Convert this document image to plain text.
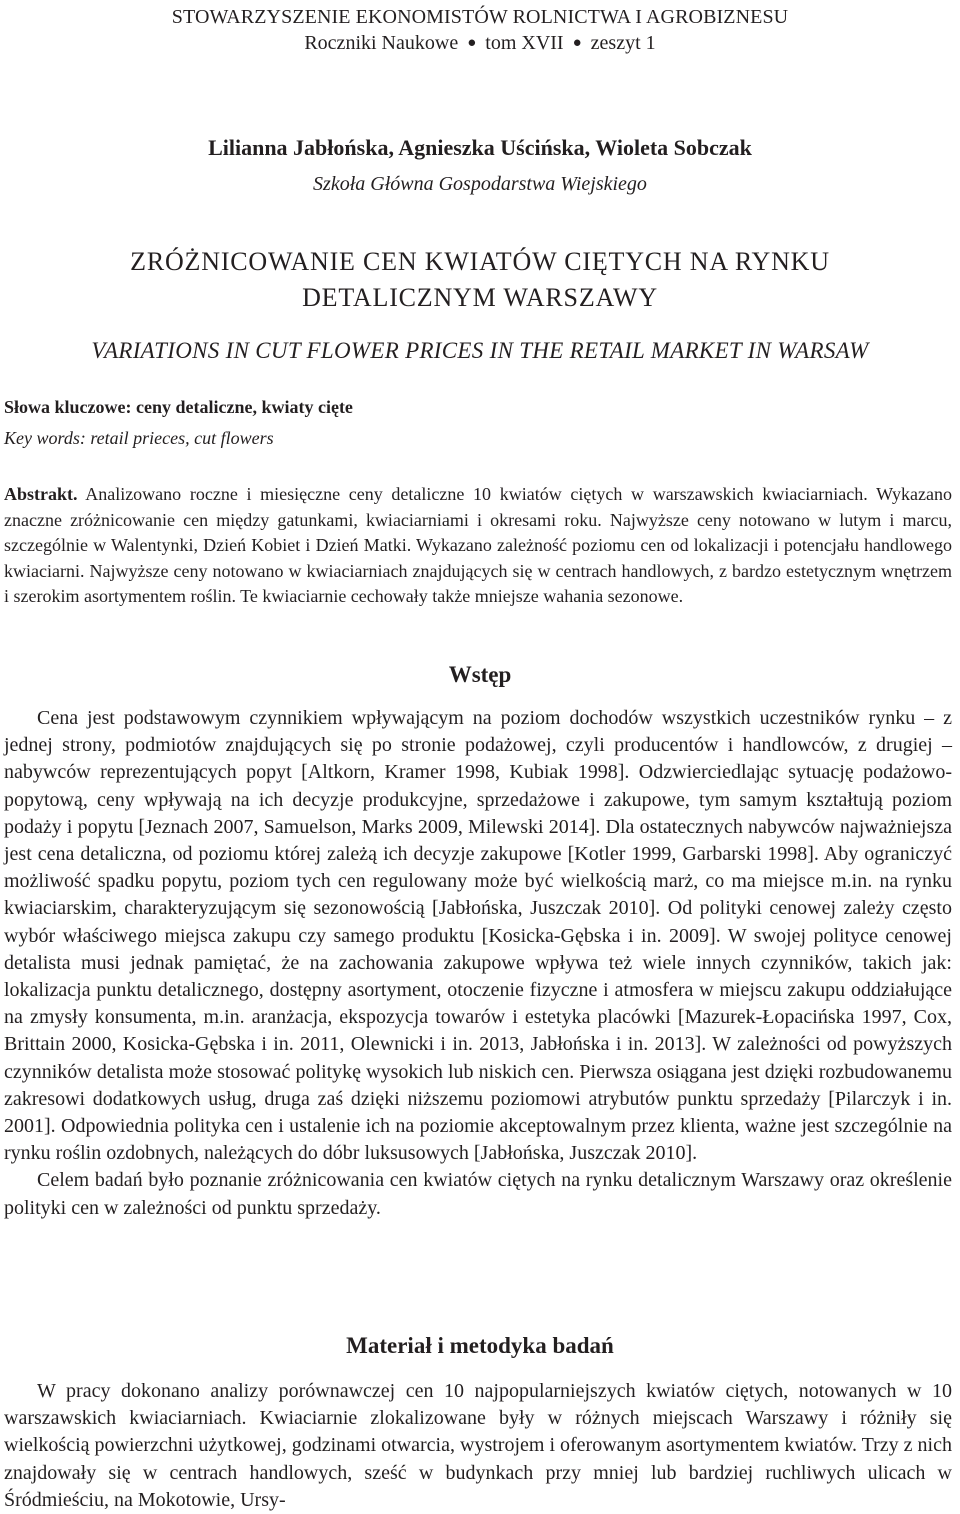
STOWARZYSZENIE EKONOMISTÓW ROLNICTWA I AGROBIZNESU
Roczniki Naukowe ● tom XVII ● zeszyt 1
Lilianna Jabłońska, Agnieszka Uścińska, Wioleta Sobczak
Szkoła Główna Gospodarstwa Wiejskiego
ZRÓŻNICOWANIE CEN KWIATÓW CIĘTYCH NA RYNKU
DETALICZNYM WARSZAWY
VARIATIONS IN CUT FLOWER PRICES IN THE RETAIL MARKET IN WARSAW
Słowa kluczowe: ceny detaliczne, kwiaty cięte
Key words: retail prieces, cut flowers
Abstrakt. Analizowano roczne i miesięczne ceny detaliczne 10 kwiatów ciętych w warszawskich kwiaciarniach. Wykazano znaczne zróżnicowanie cen między gatunkami, kwiaciarniami i okresami roku. Najwyższe ceny notowano w lutym i marcu, szczególnie w Walentynki, Dzień Kobiet i Dzień Matki. Wykazano zależność poziomu cen od lokalizacji i potencjału handlowego kwiaciarni. Najwyższe ceny notowano w kwiaciarniach znajdujących się w centrach handlowych, z bardzo estetycznym wnętrzem i szerokim asortymentem roślin. Te kwiaciarnie cechowały także mniejsze wahania sezonowe.
Wstęp

Cena jest podstawowym czynnikiem wpływającym na poziom dochodów wszystkich uczestników rynku – z jednej strony, podmiotów znajdujących się po stronie podażowej, czyli producentów i handlowców, z drugiej – nabywców reprezentujących popyt [Altkorn, Kramer 1998, Kubiak 1998]. Odzwierciedlając sytuację podażowo-popytową, ceny wpływają na ich decyzje produkcyjne, sprzedażowe i zakupowe, tym samym kształtują poziom podaży i popytu [Jeznach 2007, Samuelson, Marks 2009, Milewski 2014]. Dla ostatecznych nabywców najważniejsza jest cena detaliczna, od poziomu której zależą ich decyzje zakupowe [Kotler 1999, Garbarski 1998]. Aby ograniczyć możliwość spadku popytu, poziom tych cen regulowany może być wielkością marż, co ma miejsce m.in. na rynku kwiaciarskim, charakteryzującym się sezonowością [Jabłońska, Juszczak 2010]. Od polityki cenowej zależy często wybór właściwego miejsca zakupu czy samego produktu [Kosicka-Gębska i in. 2009]. W swojej polityce cenowej detalista musi jednak pamiętać, że na zachowania zakupowe wpływa też wiele innych czynników, takich jak: lokalizacja punktu detalicznego, dostępny asortyment, otoczenie fizyczne i atmosfera w miejscu zakupu oddziałujące na zmysły konsumenta, m.in. aranżacja, ekspozycja towarów i estetyka placówki [Mazurek-Łopacińska 1997, Cox, Brittain 2000, Kosicka-Gębska i in. 2011, Olewnicki i in. 2013, Jabłońska i in. 2013]. W zależności od powyższych czynników detalista może stosować politykę wysokich lub niskich cen. Pierwsza osiągana jest dzięki rozbudowanemu zakresowi dodatkowych usług, druga zaś dzięki niższemu poziomowi atrybutów punktu sprzedaży [Pilarczyk i in. 2001]. Odpowiednia polityka cen i ustalenie ich na poziomie akceptowalnym przez klienta, ważne jest szczególnie na rynku roślin ozdobnych, należących do dóbr luksusowych [Jabłońska, Juszczak 2010].

Celem badań było poznanie zróżnicowania cen kwiatów ciętych na rynku detalicznym Warszawy oraz określenie polityki cen w zależności od punktu sprzedaży.

Materiał i metodyka badań

W pracy dokonano analizy porównawczej cen 10 najpopularniejszych kwiatów ciętych, notowanych w 10 warszawskich kwiaciarniach. Kwiaciarnie zlokalizowane były w różnych miejscach Warszawy i różniły się wielkością powierzchni użytkowej, godzinami otwarcia, wystrojem i oferowanym asortymentem kwiatów. Trzy z nich znajdowały się w centrach handlowych, sześć w budynkach przy mniej lub bardziej ruchliwych ulicach w Śródmieściu, na Mokotowie, Ursy-
